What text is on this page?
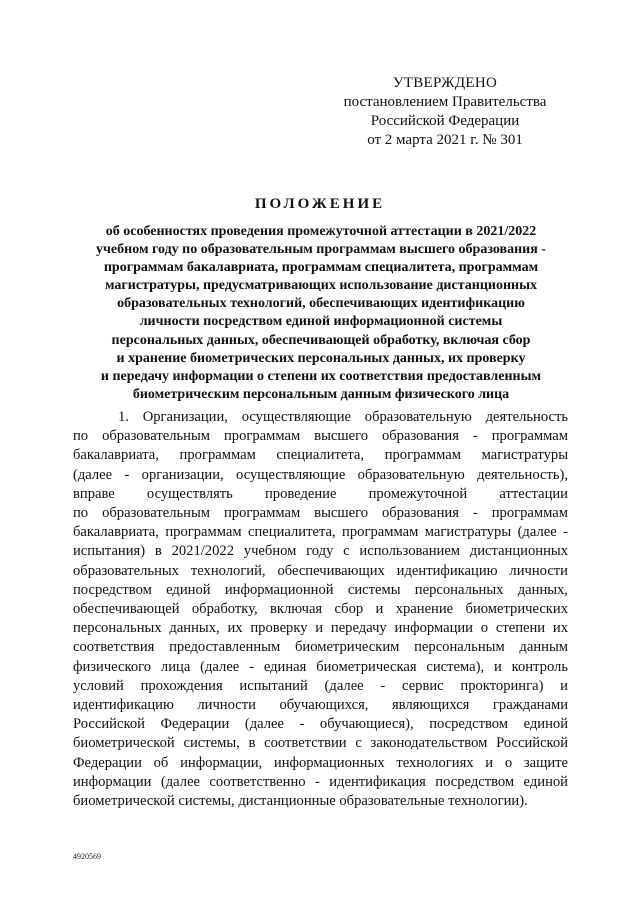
УТВЕРЖДЕНО
постановлением Правительства
Российской Федерации
от 2 марта 2021 г. № 301
ПОЛОЖЕНИЕ
об особенностях проведения промежуточной аттестации в 2021/2022
учебном году по образовательным программам высшего образования -
программам бакалавриата, программам специалитета, программам
магистратуры, предусматривающих использование дистанционных
образовательных технологий, обеспечивающих идентификацию
личности посредством единой информационной системы
персональных данных, обеспечивающей обработку, включая сбор
и хранение биометрических персональных данных, их проверку
и передачу информации о степени их соответствия предоставленным
биометрическим персональным данным физического лица
1. Организации, осуществляющие образовательную деятельность
по образовательным программам высшего образования - программам
бакалавриата, программам специалитета, программам магистратуры
(далее - организации, осуществляющие образовательную деятельность),
вправе осуществлять проведение промежуточной аттестации
по образовательным программам высшего образования - программам
бакалавриата, программам специалитета, программам магистратуры (далее -
испытания) в 2021/2022 учебном году с использованием дистанционных
образовательных технологий, обеспечивающих идентификацию личности
посредством единой информационной системы персональных данных,
обеспечивающей обработку, включая сбор и хранение биометрических
персональных данных, их проверку и передачу информации о степени их
соответствия предоставленным биометрическим персональным данным
физического лица (далее - единая биометрическая система), и контроль
условий прохождения испытаний (далее - сервис прокторинга) и
идентификацию личности обучающихся, являющихся гражданами
Российской Федерации (далее - обучающиеся), посредством единой
биометрической системы, в соответствии с законодательством Российской
Федерации об информации, информационных технологиях и о защите
информации (далее соответственно - идентификация посредством единой
биометрической системы, дистанционные образовательные технологии).
4920569
